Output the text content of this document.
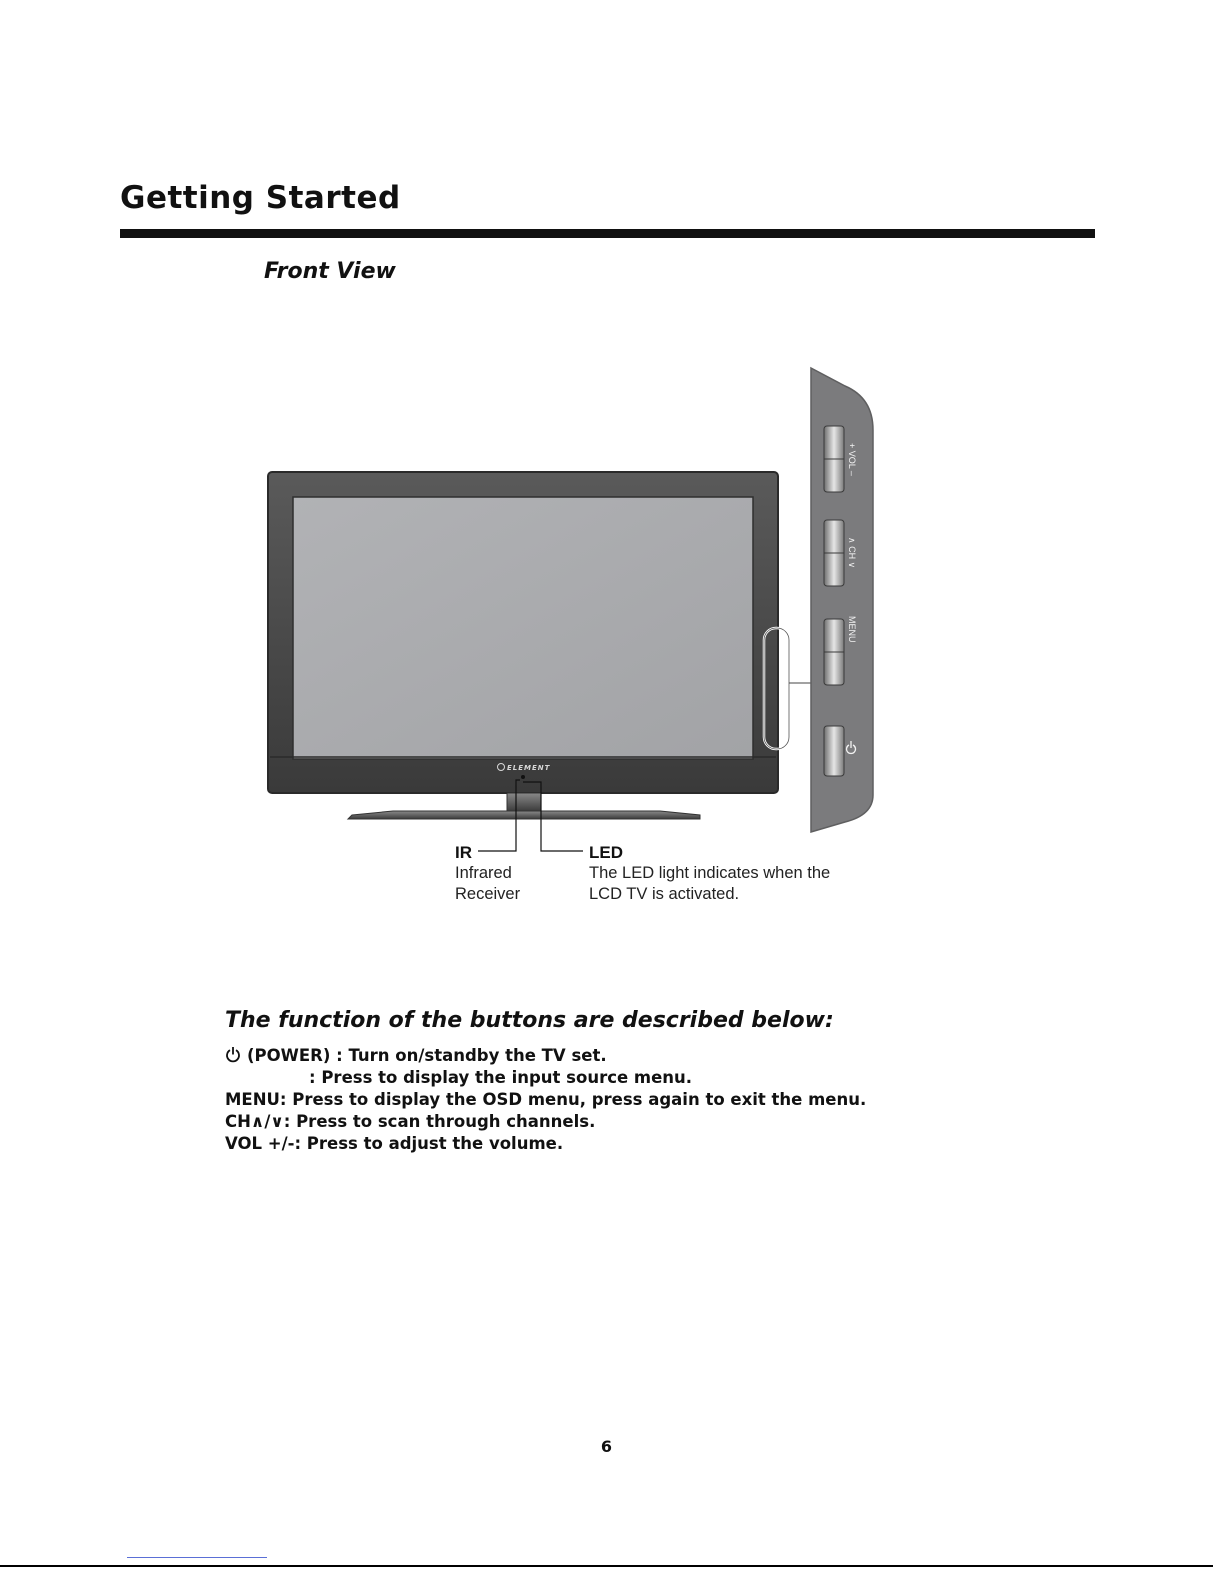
Getting Started
Front View
ELEMENT
+ VOL –
∧ CH ∨
MENU
IR
Infrared
Receiver
LED
The LED light indicates when the
LCD TV is activated.
The function of the buttons are described below:
(POWER) : Turn on/standby the TV set.
: Press to display the input source menu.
MENU: Press to display the OSD menu, press again to exit the menu.
CH∧/∨: Press to scan through channels.
VOL +/-: Press to adjust the volume.
6
